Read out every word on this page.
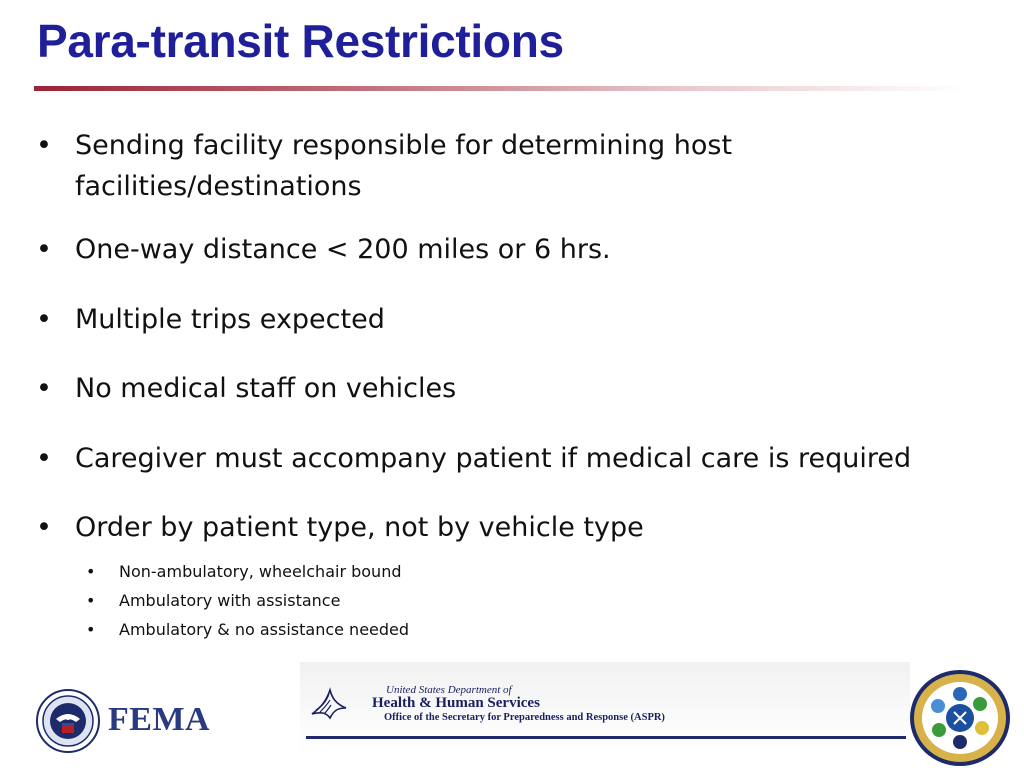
Para-transit Restrictions
• Sending facility responsible for determining host
facilities/destinations
• One-way distance < 200 miles or 6 hrs.
• Multiple trips expected
• No medical staff on vehicles
• Caregiver must accompany patient if medical care is required
• Order by patient type, not by vehicle type
• Non-ambulatory, wheelchair bound
• Ambulatory with assistance
• Ambulatory & no assistance needed
FEMA
United States Department of
Health & Human Services
Office of the Secretary for Preparedness and Response (ASPR)
